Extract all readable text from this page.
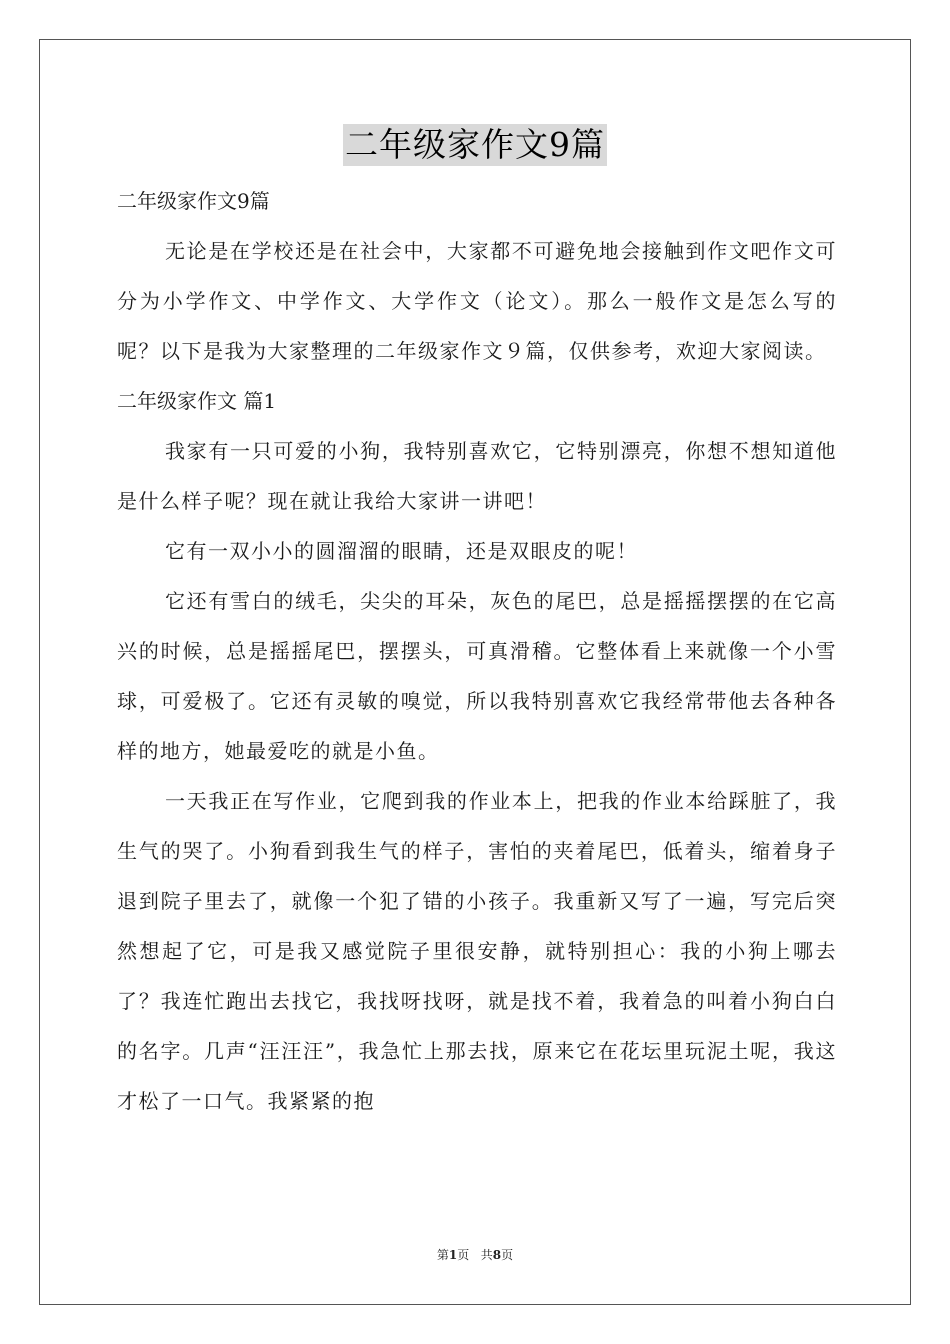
二年级家作文9篇

二年级家作文9篇

无论是在学校还是在社会中，大家都不可避免地会接触到作文吧作文可分为小学作文、中学作文、大学作文（论文）。那么一般作文是怎么写的呢？以下是我为大家整理的二年级家作文９篇，仅供参考，欢迎大家阅读。

二年级家作文 篇1

我家有一只可爱的小狗，我特别喜欢它，它特别漂亮，你想不想知道他是什么样子呢？现在就让我给大家讲一讲吧！

它有一双小小的圆溜溜的眼睛，还是双眼皮的呢！

它还有雪白的绒毛，尖尖的耳朵，灰色的尾巴，总是摇摇摆摆的在它高兴的时候，总是摇摇尾巴，摆摆头，可真滑稽。它整体看上来就像一个小雪球，可爱极了。它还有灵敏的嗅觉，所以我特别喜欢它我经常带他去各种各样的地方，她最爱吃的就是小鱼。

一天我正在写作业，它爬到我的作业本上，把我的作业本给踩脏了，我生气的哭了。小狗看到我生气的样子，害怕的夹着尾巴，低着头，缩着身子退到院子里去了，就像一个犯了错的小孩子。我重新又写了一遍，写完后突然想起了它，可是我又感觉院子里很安静，就特别担心：我的小狗上哪去了？我连忙跑出去找它，我找呀找呀，就是找不着，我着急的叫着小狗白白的名字。几声“汪汪汪”，我急忙上那去找，原来它在花坛里玩泥土呢，我这才松了一口气。我紧紧的抱

第1页 共8页
